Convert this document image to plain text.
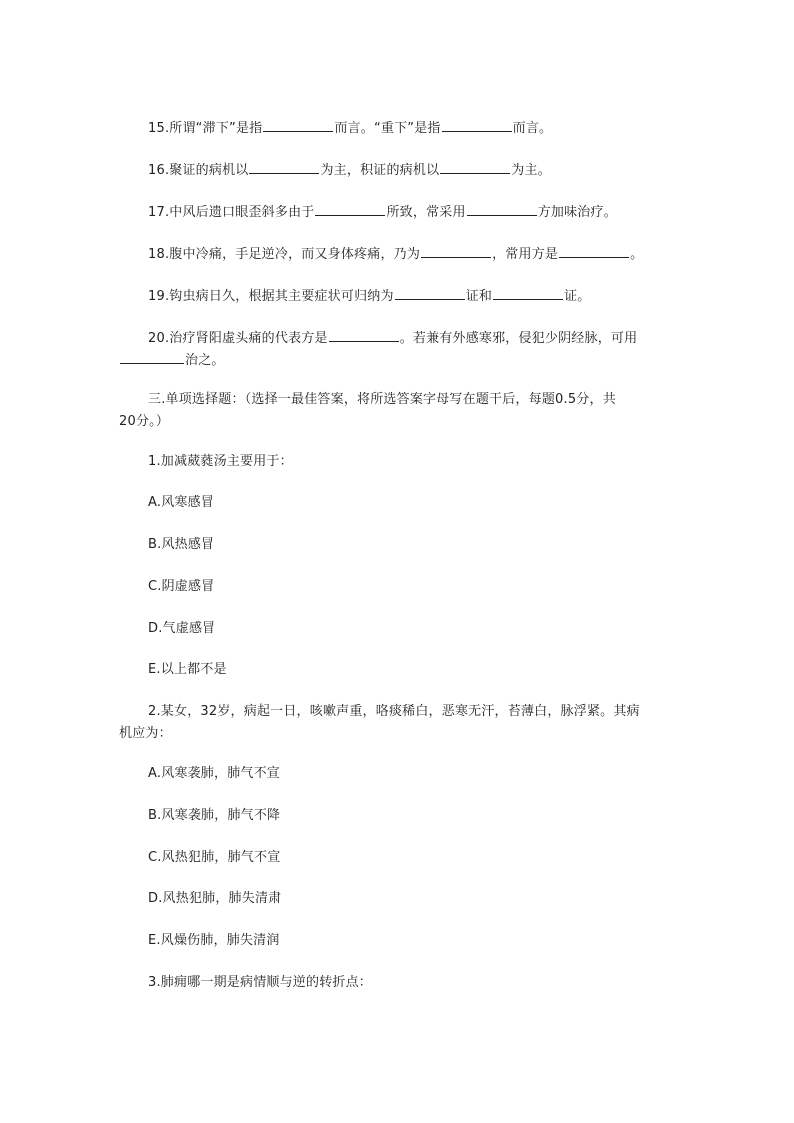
15.所谓“滞下”是指	而言。“重下”是指	而言。
16.聚证的病机以	为主，积证的病机以	为主。
17.中风后遗口眼歪斜多由于	所致，常采用	方加味治疗。
18.腹中冷痛，手足逆冷，而又身体疼痛，乃为	，常用方是	。
19.钩虫病日久，根据其主要症状可归纳为	证和	证。
20.治疗肾阳虚头痛的代表方是	。若兼有外感寒邪，侵犯少阴经脉，可用
治之。
三.单项选择题：（选择一最佳答案，将所选答案字母写在题干后，每题0.5分，共
20分。）
1.加减葳蕤汤主要用于：
A.风寒感冒
B.风热感冒
C.阴虚感冒
D.气虚感冒
E.以上都不是
2.某女，32岁，病起一日，咳嗽声重，咯痰稀白，恶寒无汗，苔薄白，脉浮紧。其病
机应为：
A.风寒袭肺，肺气不宣
B.风寒袭肺，肺气不降
C.风热犯肺，肺气不宣
D.风热犯肺，肺失清肃
E.风燥伤肺，肺失清润
3.肺痈哪一期是病情顺与逆的转折点：
